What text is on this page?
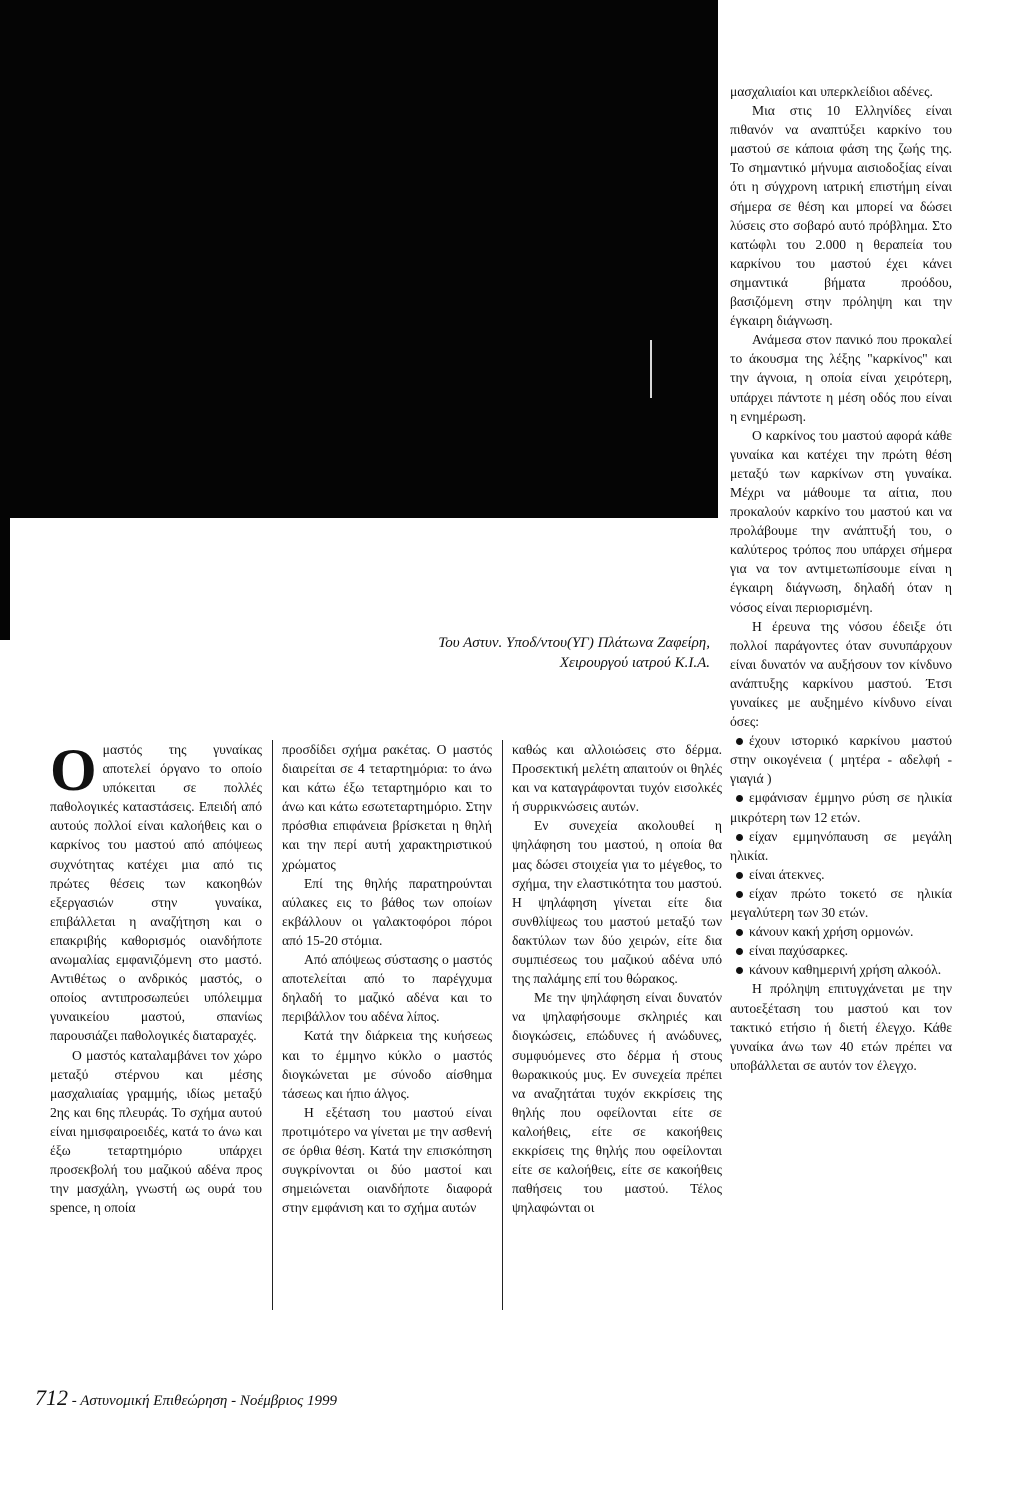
Του Αστυν. Υποδ/ντου(ΥΓ) Πλάτωνα Ζαφείρη,
Χειρουργού ιατρού Κ.Ι.Α.

Ομαστός της γυναίκας αποτελεί όργανο το οποίο υπόκειται σε πολλές παθολογικές καταστάσεις. Επειδή από αυτούς πολλοί είναι καλοήθεις και ο καρκίνος του μαστού από απόψεως συχνότητας κατέχει μια από τις πρώτες θέσεις των κακοηθών εξεργασιών στην γυναίκα, επιβάλλεται η αναζήτηση και ο επακριβής καθορισμός οιανδήποτε ανωμαλίας εμφανιζόμενη στο μαστό. Αντιθέτως ο ανδρικός μαστός, ο οποίος αντιπροσωπεύει υπόλειμμα γυναικείου μαστού, σπανίως παρουσιάζει παθολογικές διαταραχές.

Ο μαστός καταλαμβάνει τον χώρο μεταξύ στέρνου και μέσης μασχαλιαίας γραμμής, ιδίως μεταξύ 2ης και 6ης πλευράς. Το σχήμα αυτού είναι ημισφαιροειδές, κατά το άνω και έξω τεταρτημόριο υπάρχει προσεκβολή του μαζικού αδένα προς την μασχάλη, γνωστή ως ουρά του spence, η οποία

προσδίδει σχήμα ρακέτας. Ο μαστός διαιρείται σε 4 τεταρτημόρια: το άνω και κάτω έξω τεταρτημόριο και το άνω και κάτω εσωτεταρτημόριο. Στην πρόσθια επιφάνεια βρίσκεται η θηλή και την περί αυτή χαρακτηριστικού χρώματος

Επί της θηλής παρατηρούνται αύλακες εις το βάθος των οποίων εκβάλλουν οι γαλακτοφόροι πόροι από 15-20 στόμια.

Από απόψεως σύστασης ο μαστός αποτελείται από το παρέγχυμα δηλαδή το μαζικό αδένα και το περιβάλλον του αδένα λίπος.

Κατά την διάρκεια της κυήσεως και το έμμηνο κύκλο ο μαστός διογκώνεται με σύνοδο αίσθημα τάσεως και ήπιο άλγος.

Η εξέταση του μαστού είναι προτιμότερο να γίνεται με την ασθενή σε όρθια θέση. Κατά την επισκόπηση συγκρίνονται οι δύο μαστοί και σημειώνεται οιανδήποτε διαφορά στην εμφάνιση και το σχήμα αυτών

καθώς και αλλοιώσεις στο δέρμα. Προσεκτική μελέτη απαιτούν οι θηλές και να καταγράφονται τυχόν εισολκές ή συρρικνώσεις αυτών.

Εν συνεχεία ακολουθεί η ψηλάφηση του μαστού, η οποία θα μας δώσει στοιχεία για το μέγεθος, το σχήμα, την ελαστικότητα του μαστού. Η ψηλάφηση γίνεται είτε δια συνθλίψεως του μαστού μεταξύ των δακτύλων των δύο χειρών, είτε δια συμπιέσεως του μαζικού αδένα υπό της παλάμης επί του θώρακος.

Με την ψηλάφηση είναι δυνατόν να ψηλαφήσουμε σκληριές και διογκώσεις, επώδυνες ή ανώδυνες, συμφυόμενες στο δέρμα ή στους θωρακικούς μυς. Εν συνεχεία πρέπει να αναζητάται τυχόν εκκρίσεις της θηλής που οφείλονται είτε σε καλοήθεις, είτε σε κακοήθεις εκκρίσεις της θηλής που οφείλονται είτε σε καλοήθεις, είτε σε κακοήθεις παθήσεις του μαστού. Τέλος ψηλαφώνται οι

μασχαλιαίοι και υπερκλείδιοι αδένες.

Μια στις 10 Ελληνίδες είναι πιθανόν να αναπτύξει καρκίνο του μαστού σε κάποια φάση της ζωής της. Το σημαντικό μήνυμα αισιοδοξίας είναι ότι η σύγχρονη ιατρική επιστήμη είναι σήμερα σε θέση και μπορεί να δώσει λύσεις στο σοβαρό αυτό πρόβλημα. Στο κατώφλι του 2.000 η θεραπεία του καρκίνου του μαστού έχει κάνει σημαντικά βήματα προόδου, βασιζόμενη στην πρόληψη και την έγκαιρη διάγνωση.

Ανάμεσα στον πανικό που προκαλεί το άκουσμα της λέξης "καρκίνος" και την άγνοια, η οποία είναι χειρότερη, υπάρχει πάντοτε η μέση οδός που είναι η ενημέρωση.

Ο καρκίνος του μαστού αφορά κάθε γυναίκα και κατέχει την πρώτη θέση μεταξύ των καρκίνων στη γυναίκα. Μέχρι να μάθουμε τα αίτια, που προκαλούν καρκίνο του μαστού και να προλάβουμε την ανάπτυξή του, ο καλύτερος τρόπος που υπάρχει σήμερα για να τον αντιμετωπίσουμε είναι η έγκαιρη διάγνωση, δηλαδή όταν η νόσος είναι περιορισμένη.

Η έρευνα της νόσου έδειξε ότι πολλοί παράγοντες όταν συνυπάρχουν είναι δυνατόν να αυξήσουν τον κίνδυνο ανάπτυξης καρκίνου μαστού. Έτσι γυναίκες με αυξημένο κίνδυνο είναι όσες:

έχουν ιστορικό καρκίνου μαστού στην οικογένεια ( μητέρα - αδελφή - γιαγιά )

εμφάνισαν έμμηνο ρύση σε ηλικία μικρότερη των 12 ετών.

είχαν εμμηνόπαυση σε μεγάλη ηλικία.

είναι άτεκνες.

είχαν πρώτο τοκετό σε ηλικία μεγαλύτερη των 30 ετών.

κάνουν κακή χρήση ορμονών.

είναι παχύσαρκες.

κάνουν καθημερινή χρήση αλκοόλ.

Η πρόληψη επιτυγχάνεται με την αυτοεξέταση του μαστού και τον τακτικό ετήσιο ή διετή έλεγχο. Κάθε γυναίκα άνω των 40 ετών πρέπει να υποβάλλεται σε αυτόν τον έλεγχο.

712 - Αστυνομική Επιθεώρηση - Νοέμβριος 1999
